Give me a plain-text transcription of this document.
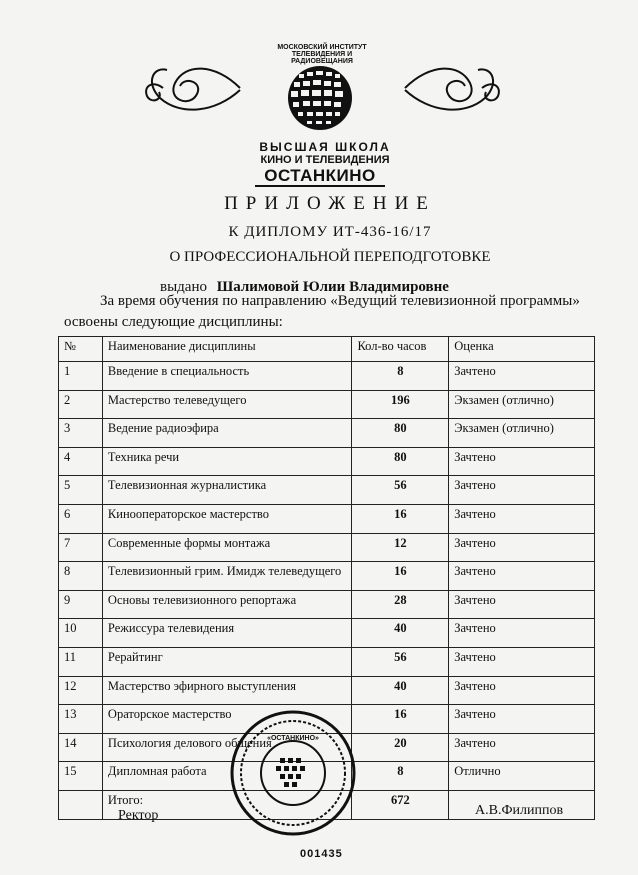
МОСКОВСКИЙ ИНСТИТУТ ТЕЛЕВИДЕНИЯ И РАДИОВЕЩАНИЯ
ВЫСШАЯ ШКОЛА
КИНО И ТЕЛЕВИДЕНИЯ
ОСТАНКИНО
ПРИЛОЖЕНИЕ
К ДИПЛОМУ ИТ-436-16/17
О ПРОФЕССИОНАЛЬНОЙ ПЕРЕПОДГОТОВКЕ
выдано Шалимовой Юлии Владимировне
За время обучения по направлению «Ведущий телевизионной программы»
освоены следующие дисциплины:
№	Наименование дисциплины	Кол-во часов	Оценка
1	Введение в специальность	8	Зачтено
2	Мастерство телеведущего	196	Экзамен (отлично)
3	Ведение радиоэфира	80	Экзамен (отлично)
4	Техника речи	80	Зачтено
5	Телевизионная журналистика	56	Зачтено
6	Кинооператорское мастерство	16	Зачтено
7	Современные формы монтажа	12	Зачтено
8	Телевизионный грим. Имидж телеведущего	16	Зачтено
9	Основы телевизионного репортажа	28	Зачтено
10	Режиссура телевидения	40	Зачтено
11	Рерайтинг	56	Зачтено
12	Мастерство эфирного выступления	40	Зачтено
13	Ораторское мастерство	16	Зачтено
14	Психология делового общения	20	Зачтено
15	Дипломная работа	8	Отлично
	Итого:	672	
«ОСТАНКИНО»
Ректор	А.В.Филиппов
001435
